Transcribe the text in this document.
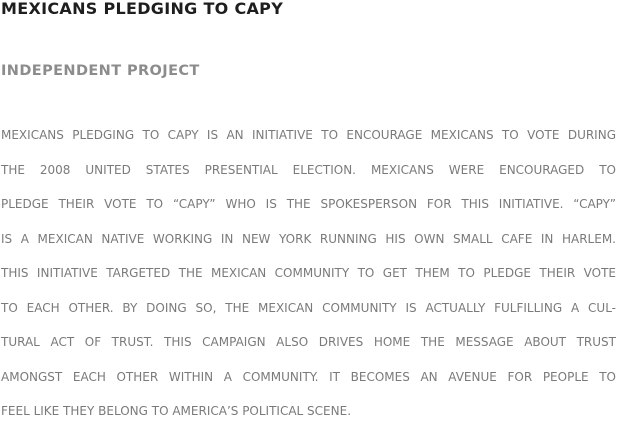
MEXICANS PLEDGING TO CAPY
INDEPENDENT PROJECT
MEXICANS PLEDGING TO CAPY IS AN INITIATIVE TO ENCOURAGE MEXICANS TO VOTE DURING
THE 2008 UNITED STATES PRESENTIAL ELECTION. MEXICANS WERE ENCOURAGED TO
PLEDGE THEIR VOTE TO “CAPY” WHO IS THE SPOKESPERSON FOR THIS INITIATIVE. “CAPY”
IS A MEXICAN NATIVE WORKING IN NEW YORK RUNNING HIS OWN SMALL CAFE IN HARLEM.
THIS INITIATIVE TARGETED THE MEXICAN COMMUNITY TO GET THEM TO PLEDGE THEIR VOTE
TO EACH OTHER. BY DOING SO, THE MEXICAN COMMUNITY IS ACTUALLY FULFILLING A CUL-
TURAL ACT OF TRUST. THIS CAMPAIGN ALSO DRIVES HOME THE MESSAGE ABOUT TRUST
AMONGST EACH OTHER WITHIN A COMMUNITY. IT BECOMES AN AVENUE FOR PEOPLE TO
FEEL LIKE THEY BELONG TO AMERICA’S POLITICAL SCENE.
